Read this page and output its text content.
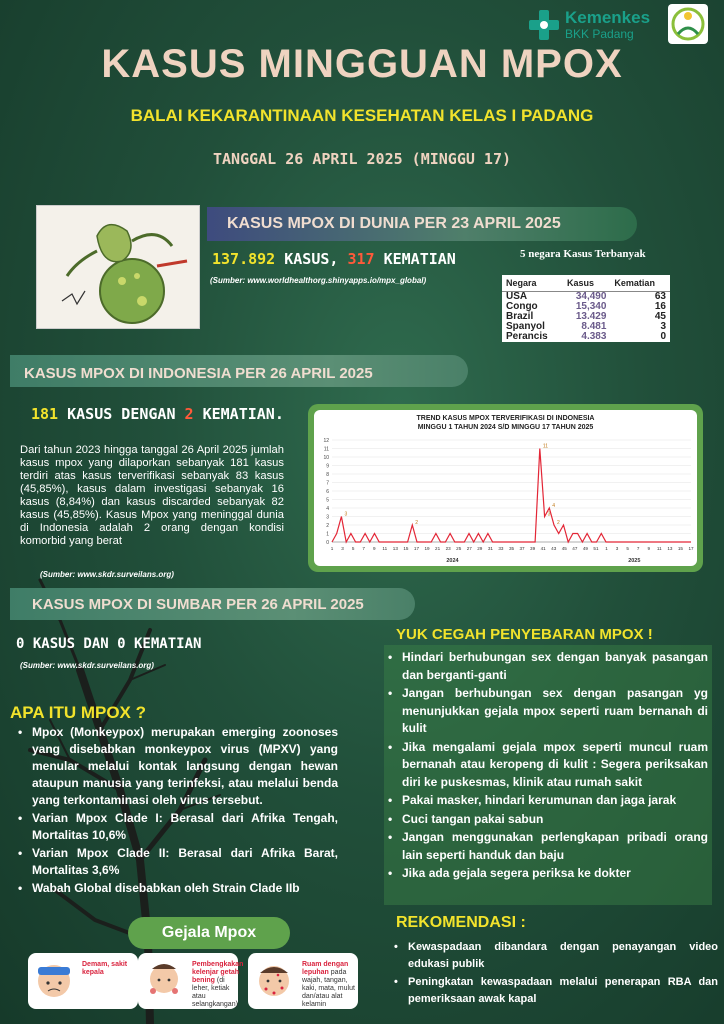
Kemenkes
BKK Padang
KASUS MINGGUAN MPOX
BALAI KEKARANTINAAN KESEHATAN KELAS I PADANG
TANGGAL 26 APRIL 2025 (MINGGU 17)
KASUS MPOX DI DUNIA PER 23 APRIL 2025
137.892 KASUS, 317 KEMATIAN
(Sumber: www.worldhealthorg.shinyapps.io/mpx_global)
5 negara Kasus Terbanyak
Negara	Kasus	Kematian
USA	34,490	63
Congo	15,340	16
Brazil	13.429	45
Spanyol	8.481	3
Perancis	4.383	0
KASUS MPOX DI INDONESIA PER 26 APRIL 2025
181 KASUS DENGAN 2 KEMATIAN.
Dari tahun 2023 hingga tanggal 26 April 2025 jumlah kasus mpox yang dilaporkan sebanyak 181 kasus terdiri atas kasus terverifikasi sebanyak 83 kasus (45,85%), kasus dalam investigasi sebanyak 16 kasus (8,84%) dan kasus discarded sebanyak 82 kasus (45,85%). Kasus Mpox yang meninggal dunia di Indonesia adalah 2 orang dengan kondisi komorbid yang berat
(Sumber: www.skdr.surveilans.org)
TREND KASUS MPOX TERVERIFIKASI DI INDONESIA
MINGGU 1 TAHUN 2024 S/D MINGGU 17 TAHUN 2025
0
1
2
3
4
5
6
7
8
9
10
11
12
1 3 5 7 9 11 13 15 17 19 21 23 25 27 29 31 33 35 37 39 41 43 45 47 49 51 1 3 5 7 9 11 13 15 17
2024	2025
3
2
11
4
3
2
KASUS MPOX DI SUMBAR PER 26 APRIL 2025
0 KASUS DAN 0 KEMATIAN
(Sumber: www.skdr.surveilans.org)
APA ITU MPOX ?
• Mpox (Monkeypox) merupakan emerging zoonoses yang disebabkan monkeypox virus (MPXV) yang menular melalui kontak langsung dengan hewan ataupun manusia yang terinfeksi, atau melalui benda yang terkontaminasi oleh virus tersebut.
• Varian Mpox Clade I: Berasal dari Afrika Tengah, Mortalitas 10,6%
• Varian Mpox Clade II: Berasal dari Afrika Barat, Mortalitas 3,6%
• Wabah Global disebabkan oleh Strain Clade IIb
Gejala Mpox
Demam, sakit kepala
Pembengkakan kelenjar getah bening (di leher, ketiak atau selangkangan)
Ruam dengan lepuhan pada wajah, tangan, kaki, mata, mulut dan/atau alat kelamin
YUK CEGAH PENYEBARAN MPOX !
• Hindari berhubungan sex dengan banyak pasangan dan berganti-ganti
• Jangan berhubungan sex dengan pasangan yg menunjukkan gejala mpox seperti ruam bernanah di kulit
• Jika mengalami gejala mpox seperti muncul ruam bernanah atau keropeng di kulit : Segera periksakan diri ke puskesmas, klinik atau rumah sakit
• Pakai masker, hindari kerumunan dan jaga jarak
• Cuci tangan pakai sabun
• Jangan menggunakan perlengkapan pribadi orang lain seperti handuk dan baju
• Jika ada gejala segera periksa ke dokter
REKOMENDASI :
• Kewaspadaan dibandara dengan penayangan video edukasi publik
• Peningkatan kewaspadaan melalui penerapan RBA dan pemeriksaan awak kapal
